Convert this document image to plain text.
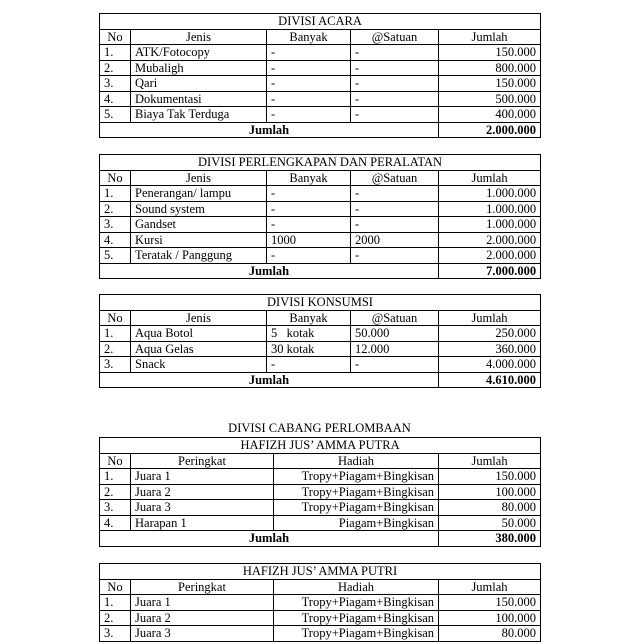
DIVISI ACARA				
No	Jenis	Banyak	@Satuan	Jumlah
1.	ATK/Fotocopy	-	-	150.000
2.	Mubaligh	-	-	800.000
3.	Qari	-	-	150.000
4.	Dokumentasi	-	-	500.000
5.	Biaya Tak Terduga	-	-	400.000
Jumlah				2.000.000
DIVISI PERLENGKAPAN DAN PERALATAN				
No	Jenis	Banyak	@Satuan	Jumlah
1.	Penerangan/ lampu	-	-	1.000.000
2.	Sound system	-	-	1.000.000
3.	Gandset	-	-	1.000.000
4.	Kursi	1000	2000	2.000.000
5.	Teratak / Panggung	-	-	2.000.000
Jumlah				7.000.000
DIVISI KONSUMSI				
No	Jenis	Banyak	@Satuan	Jumlah
1.	Aqua Botol	5   kotak	50.000	250.000
2.	Aqua Gelas	30 kotak	12.000	360.000
3.	Snack	-	-	4.000.000
Jumlah				4.610.000
DIVISI CABANG PERLOMBAAN
HAFIZH JUS’ AMMA PUTRA			
No	Peringkat	Hadiah	Jumlah
1.	Juara 1	Tropy+Piagam+Bingkisan	150.000
2.	Juara 2	Tropy+Piagam+Bingkisan	100.000
3.	Juara 3	Tropy+Piagam+Bingkisan	80.000
4.	Harapan 1	Piagam+Bingkisan	50.000
Jumlah			380.000
HAFIZH JUS’ AMMA PUTRI			
No	Peringkat	Hadiah	Jumlah
1.	Juara 1	Tropy+Piagam+Bingkisan	150.000
2.	Juara 2	Tropy+Piagam+Bingkisan	100.000
3.	Juara 3	Tropy+Piagam+Bingkisan	80.000
